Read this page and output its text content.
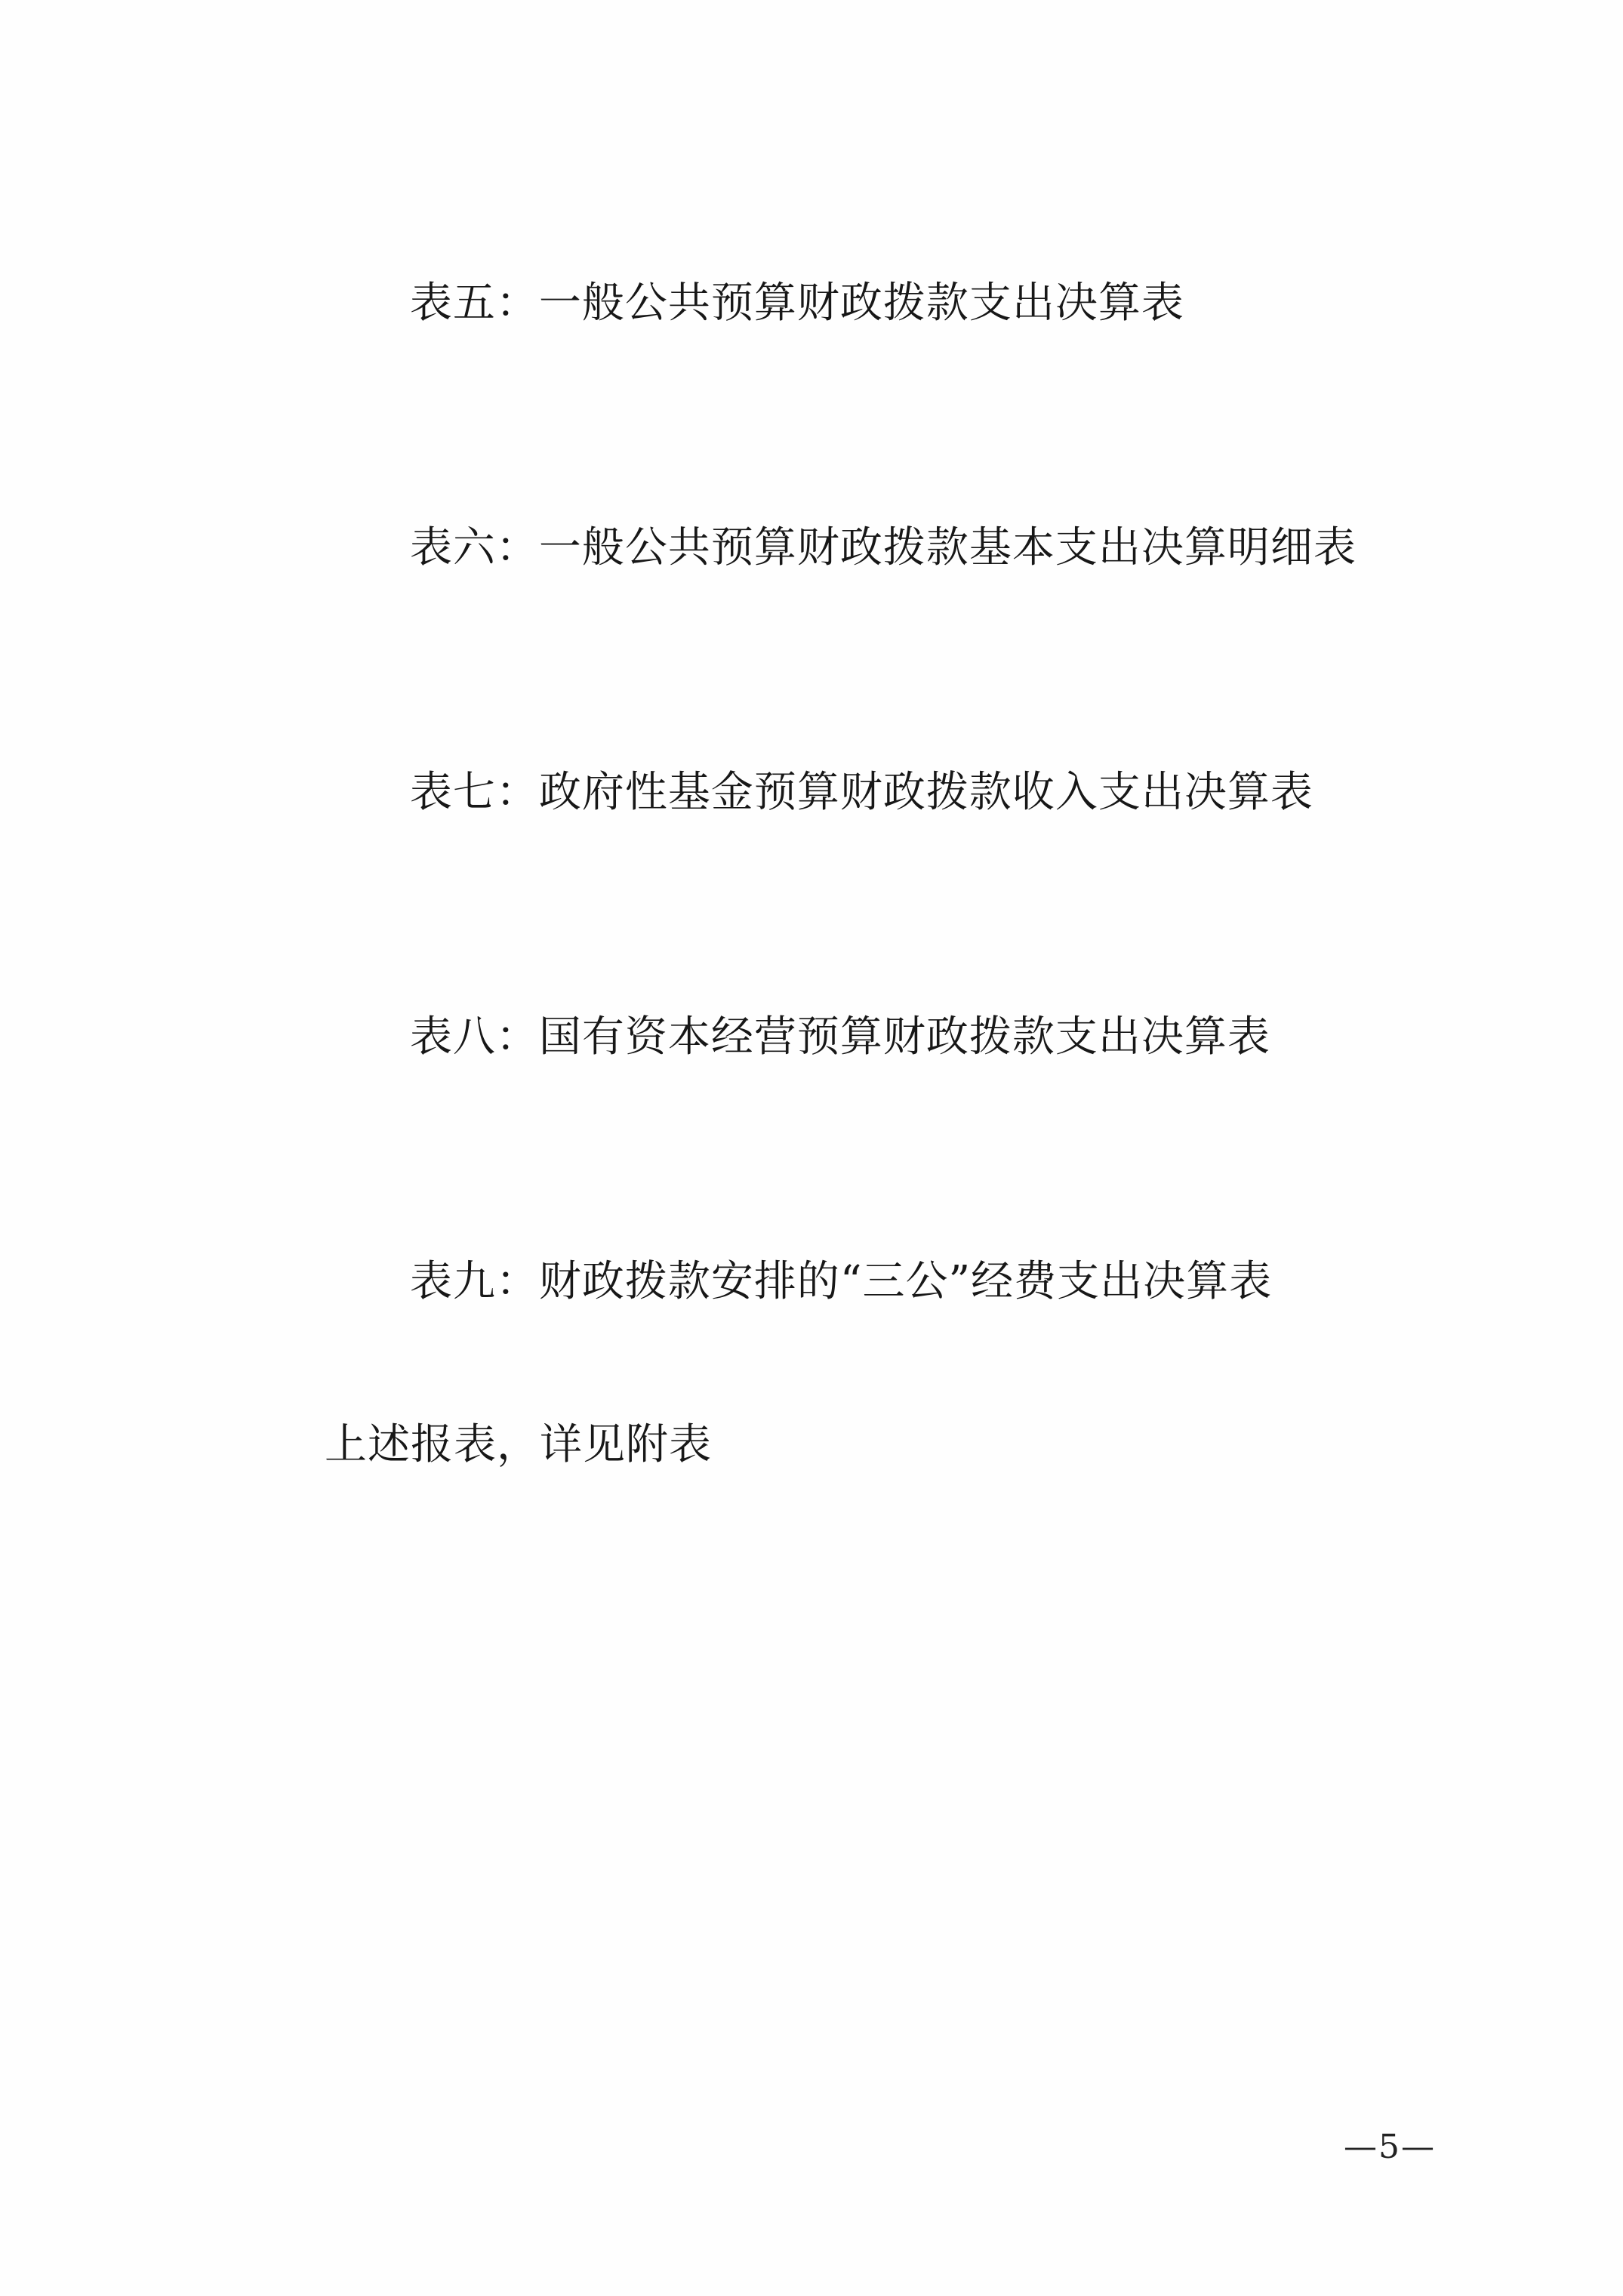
表五：一般公共预算财政拨款支出决算表

表六：一般公共预算财政拨款基本支出决算明细表

表七：政府性基金预算财政拨款收入支出决算表

表八：国有资本经营预算财政拨款支出决算表

表九：财政拨款安排的“三公”经费支出决算表

上述报表，详见附表
—5—
